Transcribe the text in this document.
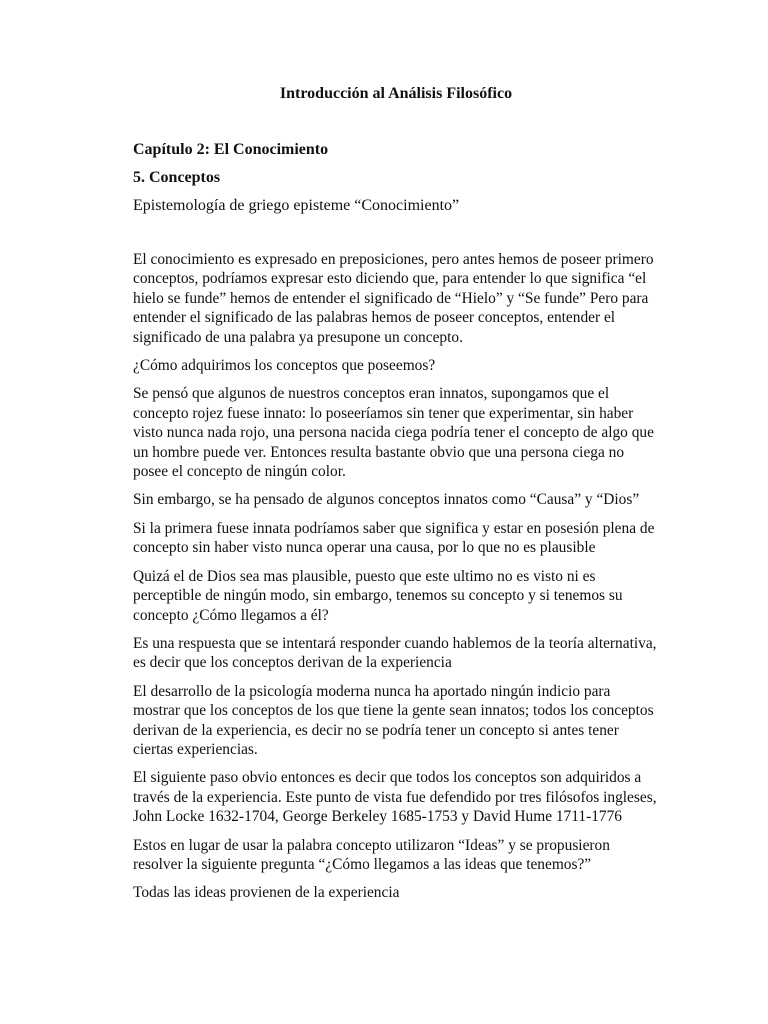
Introducción al Análisis Filosófico
Capítulo 2: El Conocimiento
5. Conceptos

Epistemología de griego episteme “Conocimiento”

El conocimiento es expresado en preposiciones, pero antes hemos de poseer primero conceptos, podríamos expresar esto diciendo que, para entender lo que significa “el hielo se funde” hemos de entender el significado de “Hielo” y “Se funde” Pero para entender el significado de las palabras hemos de poseer conceptos, entender el significado de una palabra ya presupone un concepto.

¿Cómo adquirimos los conceptos que poseemos?

Se pensó que algunos de nuestros conceptos eran innatos, supongamos que el concepto rojez fuese innato: lo poseeríamos sin tener que experimentar, sin haber visto nunca nada rojo, una persona nacida ciega podría tener el concepto de algo que un hombre puede ver. Entonces resulta bastante obvio que una persona ciega no posee el concepto de ningún color.

Sin embargo, se ha pensado de algunos conceptos innatos como “Causa” y “Dios”

Si la primera fuese innata podríamos saber que significa y estar en posesión plena de concepto sin haber visto nunca operar una causa, por lo que no es plausible

Quizá el de Dios sea mas plausible, puesto que este ultimo no es visto ni es perceptible de ningún modo, sin embargo, tenemos su concepto y si tenemos su concepto ¿Cómo llegamos a él?

Es una respuesta que se intentará responder cuando hablemos de la teoría alternativa, es decir que los conceptos derivan de la experiencia

El desarrollo de la psicología moderna nunca ha aportado ningún indicio para mostrar que los conceptos de los que tiene la gente sean innatos; todos los conceptos derivan de la experiencia, es decir no se podría tener un concepto si antes tener ciertas experiencias.

El siguiente paso obvio entonces es decir que todos los conceptos son adquiridos a través de la experiencia. Este punto de vista fue defendido por tres filósofos ingleses, John Locke 1632-1704, George Berkeley 1685-1753 y David Hume 1711-1776

Estos en lugar de usar la palabra concepto utilizaron “Ideas” y se propusieron resolver la siguiente pregunta “¿Cómo llegamos a las ideas que tenemos?”

Todas las ideas provienen de la experiencia
